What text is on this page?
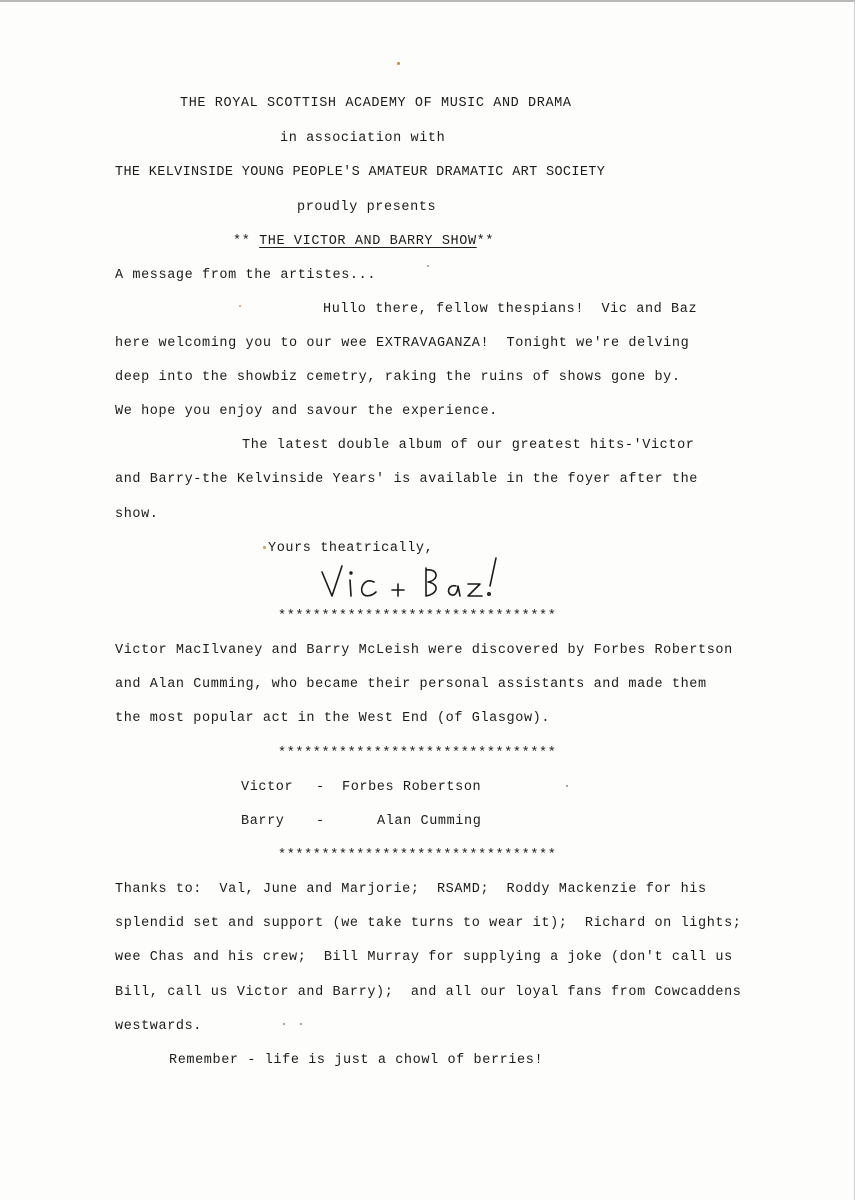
THE ROYAL SCOTTISH ACADEMY OF MUSIC AND DRAMA
in association with
THE KELVINSIDE YOUNG PEOPLE'S AMATEUR DRAMATIC ART SOCIETY
proudly presents
** THE VICTOR AND BARRY SHOW**
A message from the artistes...
Hullo there, fellow thespians!  Vic and Baz
here welcoming you to our wee EXTRAVAGANZA!  Tonight we're delving
deep into the showbiz cemetry, raking the ruins of shows gone by.
We hope you enjoy and savour the experience.
The latest double album of our greatest hits-'Victor
and Barry-the Kelvinside Years' is available in the foyer after the
show.
Yours theatrically,
********************************
Victor MacIlvaney and Barry McLeish were discovered by Forbes Robertson
and Alan Cumming, who became their personal assistants and made them
the most popular act in the West End (of Glasgow).
********************************
Victor - Forbes Robertson
Barry -	Alan Cumming
********************************
Thanks to:  Val, June and Marjorie;  RSAMD;  Roddy Mackenzie for his
splendid set and support (we take turns to wear it);  Richard on lights;
wee Chas and his crew;  Bill Murray for supplying a joke (don't call us
Bill, call us Victor and Barry);  and all our loyal fans from Cowcaddens
westwards.
Remember - life is just a chowl of berries!
